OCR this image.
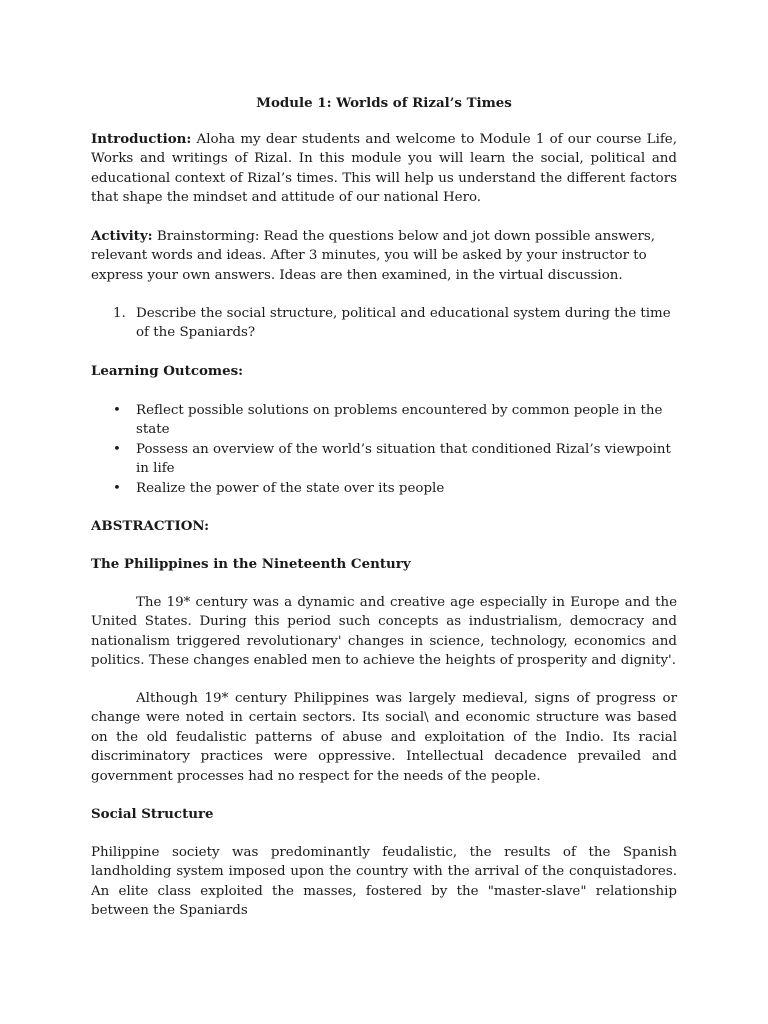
Module 1: Worlds of Rizal’s Times

Introduction: Aloha my dear students and welcome to Module 1 of our course Life, Works and writings of Rizal. In this module you will learn the social, political and educational context of Rizal’s times. This will help us understand the different factors that shape the mindset and attitude of our national Hero.

Activity: Brainstorming: Read the questions below and jot down possible answers, relevant words and ideas. After 3 minutes, you will be asked by your instructor to express your own answers. Ideas are then examined, in the virtual discussion.

1. Describe the social structure, political and educational system during the time of the Spaniards?

Learning Outcomes:

• Reflect possible solutions on problems encountered by common people in the state
• Possess an overview of the world’s situation that conditioned Rizal’s viewpoint in life
• Realize the power of the state over its people

ABSTRACTION:

The Philippines in the Nineteenth Century

The 19* century was a dynamic and creative age especially in Europe and the United States. During this period such concepts as industrialism, democracy and nationalism triggered revolutionary' changes in science, technology, economics and politics. These changes enabled men to achieve the heights of prosperity and dignity'.

Although 19* century Philippines was largely medieval, signs of progress or change were noted in certain sectors. Its social\ and economic structure was based on the old feudalistic patterns of abuse and exploitation of the Indio. Its racial discriminatory practices were oppressive. Intellectual decadence prevailed and government processes had no respect for the needs of the people.

Social Structure

Philippine society was predominantly feudalistic, the results of the Spanish landholding system imposed upon the country with the arrival of the conquistadores. An elite class exploited the masses, fostered by the "master-slave" relationship between the Spaniards
